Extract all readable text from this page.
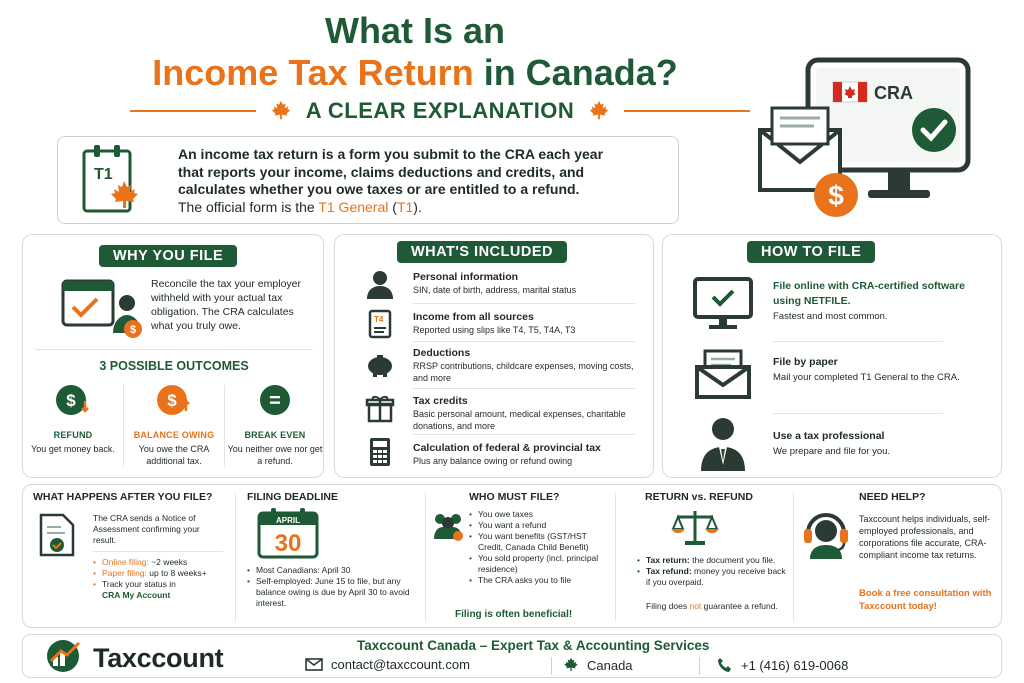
What Is an
Income Tax Return in Canada?
A CLEAR EXPLANATION
CRA
$
T1
An income tax return is a form you submit to the CRA each year
that reports your income, claims deductions and credits, and
calculates whether you owe taxes or are entitled to a refund.
The official form is the T1 General (T1).
WHY YOU FILE
$
Reconcile the tax your employer withheld with your actual tax obligation. The CRA calculates what you truly owe.
3 POSSIBLE OUTCOMES
$
REFUND
You get money back.
$
BALANCE OWING
You owe the CRA additional tax.
=
BREAK EVEN
You neither owe nor get a refund.
WHAT'S INCLUDED
Personal information
SIN, date of birth, address, marital status
T4	Income from all sources
Reported using slips like T4, T5, T4A, T3
Deductions
RRSP contributions, childcare expenses, moving costs, and more
Tax credits
Basic personal amount, medical expenses, charitable donations, and more
Calculation of federal & provincial tax
Plus any balance owing or refund owing
HOW TO FILE
File online with CRA-certified software using NETFILE.
Fastest and most common.
File by paper
Mail your completed T1 General to the CRA.
Use a tax professional
We prepare and file for you.
WHAT HAPPENS AFTER YOU FILE?
The CRA sends a Notice of Assessment confirming your result.
• Online filing: ~2 weeks
• Paper filing: up to 8 weeks+
• Track your status in
CRA My Account
FILING DEADLINE
APRIL
30
• Most Canadians: April 30
• Self-employed: June 15 to file, but any balance owing is due by April 30 to avoid interest.
WHO MUST FILE?
• You owe taxes
• You want a refund
• You want benefits (GST/HST Credit, Canada Child Benefit)
• You sold property (incl. principal residence)
• The CRA asks you to file
Filing is often beneficial!
RETURN vs. REFUND
• Tax return: the document you file.
• Tax refund: money you receive back if you overpaid.
Filing does not guarantee a refund.
NEED HELP?
Taxccount helps individuals, self-employed professionals, and corporations file accurate, CRA-compliant income tax returns.
Book a free consultation with Taxccount today!
Taxccount	Taxccount Canada – Expert Tax & Accounting Services
contact@taxccount.com	Canada	+1 (416) 619-0068
